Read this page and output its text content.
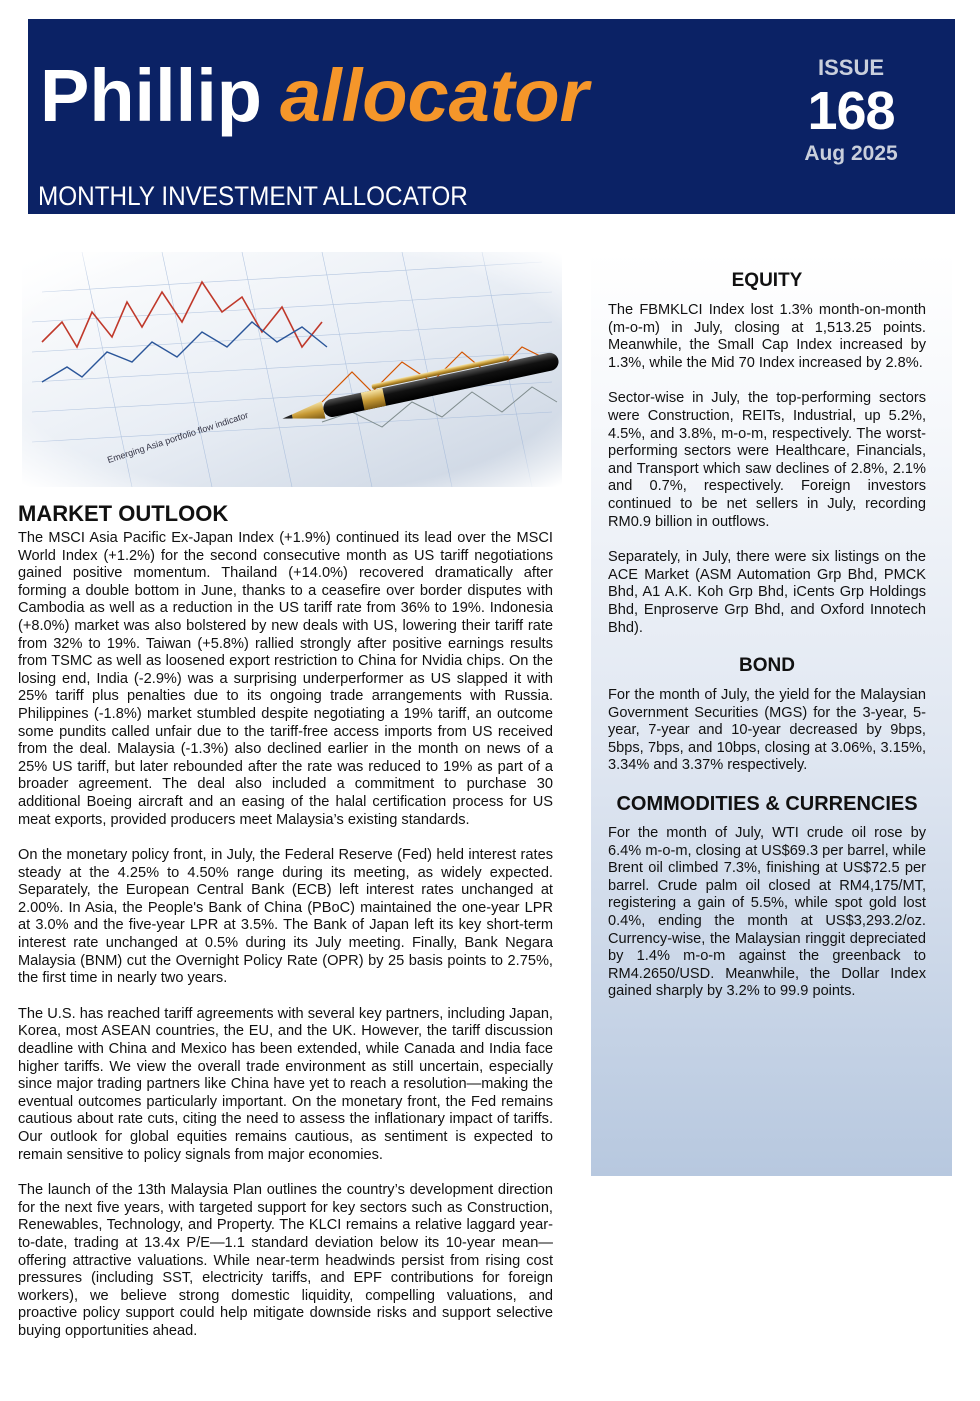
Phillip allocator
MONTHLY INVESTMENT ALLOCATOR
ISSUE
168
Aug 2025
MARKET OUTLOOK

The MSCI Asia Pacific Ex-Japan Index (+1.9%) continued its lead over the MSCI World Index (+1.2%) for the second consecutive month as US tariff negotiations gained positive momentum. Thailand (+14.0%) recovered dramatically after forming a double bottom in June, thanks to a ceasefire over border disputes with Cambodia as well as a reduction in the US tariff rate from 36% to 19%. Indonesia (+8.0%) market was also bolstered by new deals with US, lowering their tariff rate from 32% to 19%. Taiwan (+5.8%) rallied strongly after positive earnings results from TSMC as well as loosened export restriction to China for Nvidia chips. On the losing end, India (-2.9%) was a surprising underperformer as US slapped it with 25% tariff plus penalties due to its ongoing trade arrangements with Russia. Philippines (-1.8%) market stumbled despite negotiating a 19% tariff, an outcome some pundits called unfair due to the tariff-free access imports from US received from the deal. Malaysia (-1.3%) also declined earlier in the month on news of a 25% US tariff, but later rebounded after the rate was reduced to 19% as part of a broader agreement. The deal also included a commitment to purchase 30 additional Boeing aircraft and an easing of the halal certification process for US meat exports, provided producers meet Malaysia’s existing standards.

On the monetary policy front, in July, the Federal Reserve (Fed) held interest rates steady at the 4.25% to 4.50% range during its meeting, as widely expected. Separately, the European Central Bank (ECB) left interest rates unchanged at 2.00%. In Asia, the People's Bank of China (PBoC) maintained the one-year LPR at 3.0% and the five-year LPR at 3.5%. The Bank of Japan left its key short-term interest rate unchanged at 0.5% during its July meeting. Finally, Bank Negara Malaysia (BNM) cut the Overnight Policy Rate (OPR) by 25 basis points to 2.75%, the first time in nearly two years.

The U.S. has reached tariff agreements with several key partners, including Japan, Korea, most ASEAN countries, the EU, and the UK. However, the tariff discussion deadline with China and Mexico has been extended, while Canada and India face higher tariffs. We view the overall trade environment as still uncertain, especially since major trading partners like China have yet to reach a resolution—making the eventual outcomes particularly important. On the monetary front, the Fed remains cautious about rate cuts, citing the need to assess the inflationary impact of tariffs. Our outlook for global equities remains cautious, as sentiment is expected to remain sensitive to policy signals from major economies.

The launch of the 13th Malaysia Plan outlines the country’s development direction for the next five years, with targeted support for key sectors such as Construction, Renewables, Technology, and Property. The KLCI remains a relative laggard year-to-date, trading at 13.4x P/E—1.1 standard deviation below its 10-year mean—offering attractive valuations. While near-term headwinds persist from rising cost pressures (including SST, electricity tariffs, and EPF contributions for foreign workers), we believe strong domestic liquidity, compelling valuations, and proactive policy support could help mitigate downside risks and support selective buying opportunities ahead.

EQUITY

The FBMKLCI Index lost 1.3% month-on-month (m-o-m) in July, closing at 1,513.25 points. Meanwhile, the Small Cap Index increased by 1.3%, while the Mid 70 Index increased by 2.8%.

Sector-wise in July, the top-performing sectors were Construction, REITs, Industrial, up 5.2%, 4.5%, and 3.8%, m-o-m, respectively. The worst-performing sectors were Healthcare, Financials, and Transport which saw declines of 2.8%, 2.1% and 0.7%, respectively. Foreign investors continued to be net sellers in July, recording RM0.9 billion in outflows.

Separately, in July, there were six listings on the ACE Market (ASM Automation Grp Bhd, PMCK Bhd, A1 A.K. Koh Grp Bhd, iCents Grp Holdings Bhd, Enproserve Grp Bhd, and Oxford Innotech Bhd).

BOND

For the month of July, the yield for the Malaysian Government Securities (MGS) for the 3-year, 5-year, 7-year and 10-year decreased by 9bps, 5bps, 7bps, and 10bps, closing at 3.06%, 3.15%, 3.34% and 3.37% respectively.

COMMODITIES & CURRENCIES

For the month of July, WTI crude oil rose by 6.4% m-o-m, closing at US$69.3 per barrel, while Brent oil climbed 7.3%, finishing at US$72.5 per barrel. Crude palm oil closed at RM4,175/MT, registering a gain of 5.5%, while spot gold lost 0.4%, ending the month at US$3,293.2/oz. Currency-wise, the Malaysian ringgit depreciated by 1.4% m-o-m against the greenback to RM4.2650/USD. Meanwhile, the Dollar Index gained sharply by 3.2% to 99.9 points.
